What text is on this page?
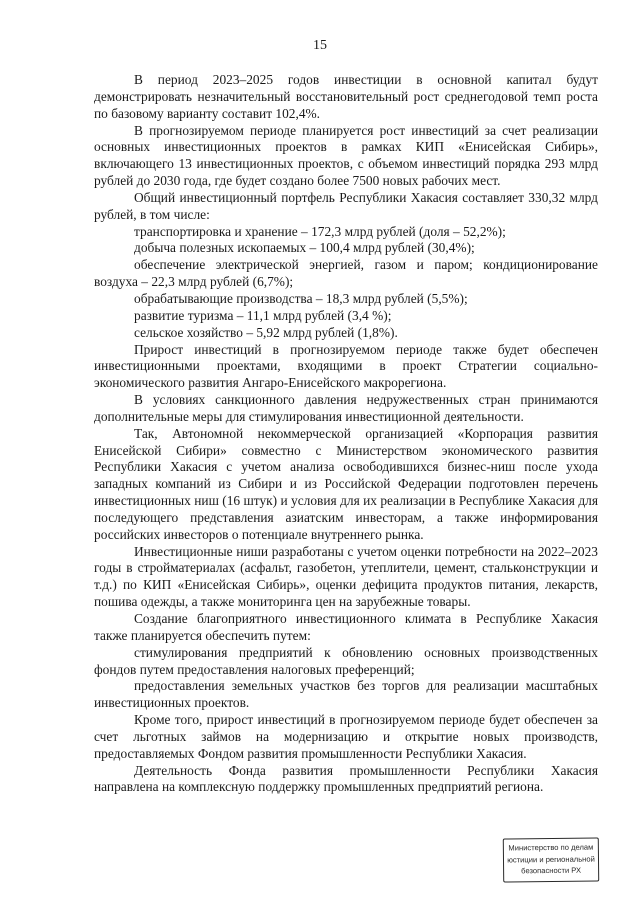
15

В период 2023–2025 годов инвестиции в основной капитал будут демонстрировать незначительный восстановительный рост среднегодовой темп роста по базовому варианту составит 102,4%.

В прогнозируемом периоде планируется рост инвестиций за счет реализации основных инвестиционных проектов в рамках КИП «Енисейская Сибирь», включающего 13 инвестиционных проектов, с объемом инвестиций порядка 293 млрд рублей до 2030 года, где будет создано более 7500 новых рабочих мест.

Общий инвестиционный портфель Республики Хакасия составляет 330,32 млрд рублей, в том числе:

транспортировка и хранение – 172,3 млрд рублей (доля – 52,2%);

добыча полезных ископаемых – 100,4 млрд рублей (30,4%);

обеспечение электрической энергией, газом и паром; кондиционирование воздуха – 22,3 млрд рублей (6,7%);

обрабатывающие производства – 18,3 млрд рублей (5,5%);

развитие туризма – 11,1 млрд рублей (3,4 %);

сельское хозяйство – 5,92 млрд рублей (1,8%).

Прирост инвестиций в прогнозируемом периоде также будет обеспечен инвестиционными проектами, входящими в проект Стратегии социально-экономического развития Ангаро-Енисейского макрорегиона.

В условиях санкционного давления недружественных стран принимаются дополнительные меры для стимулирования инвестиционной деятельности.

Так, Автономной некоммерческой организацией «Корпорация развития Енисейской Сибири» совместно с Министерством экономического развития Республики Хакасия с учетом анализа освободившихся бизнес-ниш после ухода западных компаний из Сибири и из Российской Федерации подготовлен перечень инвестиционных ниш (16 штук) и условия для их реализации в Республике Хакасия для последующего представления азиатским инвесторам, а также информирования российских инвесторов о потенциале внутреннего рынка.

Инвестиционные ниши разработаны с учетом оценки потребности на 2022–2023 годы в стройматериалах (асфальт, газобетон, утеплители, цемент, стальконструкции и т.д.) по КИП «Енисейская Сибирь», оценки дефицита продуктов питания, лекарств, пошива одежды, а также мониторинга цен на зарубежные товары.

Создание благоприятного инвестиционного климата в Республике Хакасия также планируется обеспечить путем:

стимулирования предприятий к обновлению основных производственных фондов путем предоставления налоговых преференций;

предоставления земельных участков без торгов для реализации масштабных инвестиционных проектов.

Кроме того, прирост инвестиций в прогнозируемом периоде будет обеспечен за счет льготных займов на модернизацию и открытие новых производств, предоставляемых Фондом развития промышленности Республики Хакасия.

Деятельность Фонда развития промышленности Республики Хакасия направлена на комплексную поддержку промышленных предприятий региона.

Министерство по делам
юстиции и региональной
безопасности РХ
